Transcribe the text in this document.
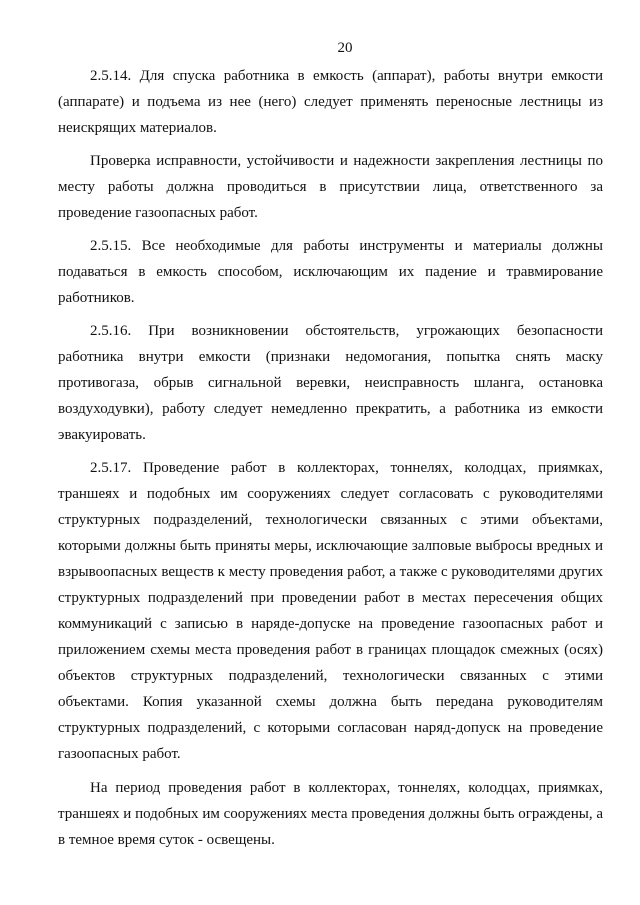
20

2.5.14. Для спуска работника в емкость (аппарат), работы внутри емкости (аппарате) и подъема из нее (него) следует применять переносные лестницы из неискрящих материалов.

Проверка исправности, устойчивости и надежности закрепления лестницы по месту работы должна проводиться в присутствии лица, ответственного за проведение газоопасных работ.

2.5.15. Все необходимые для работы инструменты и материалы должны подаваться в емкость способом, исключающим их падение и травмирование работников.

2.5.16. При возникновении обстоятельств, угрожающих безопасности работника внутри емкости (признаки недомогания, попытка снять маску противогаза, обрыв сигнальной веревки, неисправность шланга, остановка воздуходувки), работу следует немедленно прекратить, а работника из емкости эвакуировать.

2.5.17. Проведение работ в коллекторах, тоннелях, колодцах, приямках, траншеях и подобных им сооружениях следует согласовать с руководителями структурных подразделений, технологически связанных с этими объектами, которыми должны быть приняты меры, исключающие залповые выбросы вредных и взрывоопасных веществ к месту проведения работ, а также с руководителями других структурных подразделений при проведении работ в местах пересечения общих коммуникаций с записью в наряде-допуске на проведение газоопасных работ и приложением схемы места проведения работ в границах площадок смежных (осях) объектов структурных подразделений, технологически связанных с этими объектами. Копия указанной схемы должна быть передана руководителям структурных подразделений, с которыми согласован наряд-допуск на проведение газоопасных работ.

На период проведения работ в коллекторах, тоннелях, колодцах, приямках, траншеях и подобных им сооружениях места проведения должны быть ограждены, а в темное время суток - освещены.
